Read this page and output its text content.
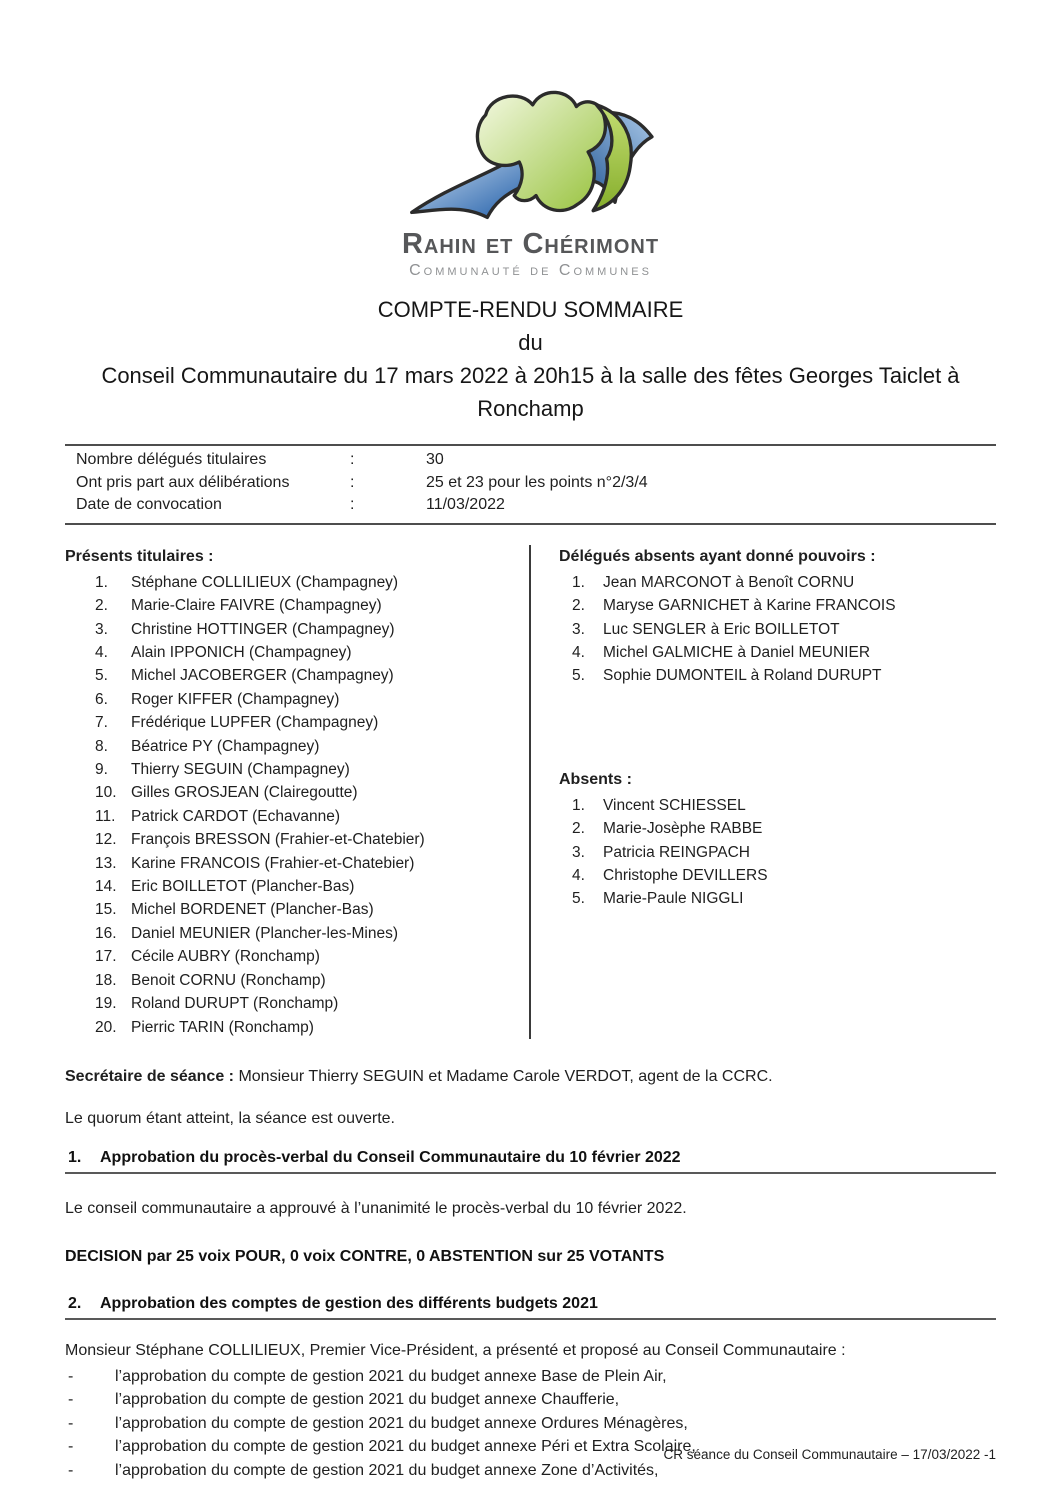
Rahin et Chérimont
Communauté de Communes
COMPTE-RENDU SOMMAIRE
du
Conseil Communautaire du 17 mars 2022 à 20h15 à la salle des fêtes Georges Taiclet à
Ronchamp
Nombre délégués titulaires	:	30
Ont pris part aux délibérations	:	25 et 23 pour les points n°2/3/4
Date de convocation	:	11/03/2022
Présents titulaires :
1.	Stéphane COLLILIEUX (Champagney)
2.	Marie-Claire FAIVRE (Champagney)
3.	Christine HOTTINGER (Champagney)
4.	Alain IPPONICH (Champagney)
5.	Michel JACOBERGER (Champagney)
6.	Roger KIFFER (Champagney)
7.	Frédérique LUPFER (Champagney)
8.	Béatrice PY (Champagney)
9.	Thierry SEGUIN (Champagney)
10. Gilles GROSJEAN (Clairegoutte)
11.	Patrick CARDOT (Echavanne)
12. François BRESSON (Frahier-et-Chatebier)
13. Karine FRANCOIS (Frahier-et-Chatebier)
14. Eric BOILLETOT (Plancher-Bas)
15. Michel BORDENET (Plancher-Bas)
16. Daniel MEUNIER (Plancher-les-Mines)
17. Cécile AUBRY (Ronchamp)
18. Benoit CORNU (Ronchamp)
19. Roland DURUPT (Ronchamp)
20. Pierric TARIN (Ronchamp)
Délégués absents ayant donné pouvoirs :
1.	Jean MARCONOT à Benoît CORNU
2.	Maryse GARNICHET à Karine FRANCOIS
3.	Luc SENGLER à Eric BOILLETOT
4.	Michel GALMICHE à Daniel MEUNIER
5.	Sophie DUMONTEIL à Roland DURUPT
Absents :
1.	Vincent SCHIESSEL
2.	Marie-Josèphe RABBE
3.	Patricia REINGPACH
4.	Christophe DEVILLERS
5.	Marie-Paule NIGGLI
Secrétaire de séance : Monsieur Thierry SEGUIN et Madame Carole VERDOT, agent de la CCRC.
Le quorum étant atteint, la séance est ouverte.
1.	Approbation du procès-verbal du Conseil Communautaire du 10 février 2022
Le conseil communautaire a approuvé à l’unanimité le procès-verbal du 10 février 2022.
DECISION par 25 voix POUR, 0 voix CONTRE, 0 ABSTENTION sur 25 VOTANTS
2.	Approbation des comptes de gestion des différents budgets 2021
Monsieur Stéphane COLLILIEUX, Premier Vice-Président, a présenté et proposé au Conseil Communautaire :
-	l’approbation du compte de gestion 2021 du budget annexe Base de Plein Air,
-	l’approbation du compte de gestion 2021 du budget annexe Chaufferie,
-	l’approbation du compte de gestion 2021 du budget annexe Ordures Ménagères,
-	l’approbation du compte de gestion 2021 du budget annexe Péri et Extra Scolaire,
-	l’approbation du compte de gestion 2021 du budget annexe Zone d’Activités,
CR séance du Conseil Communautaire – 17/03/2022 -1
